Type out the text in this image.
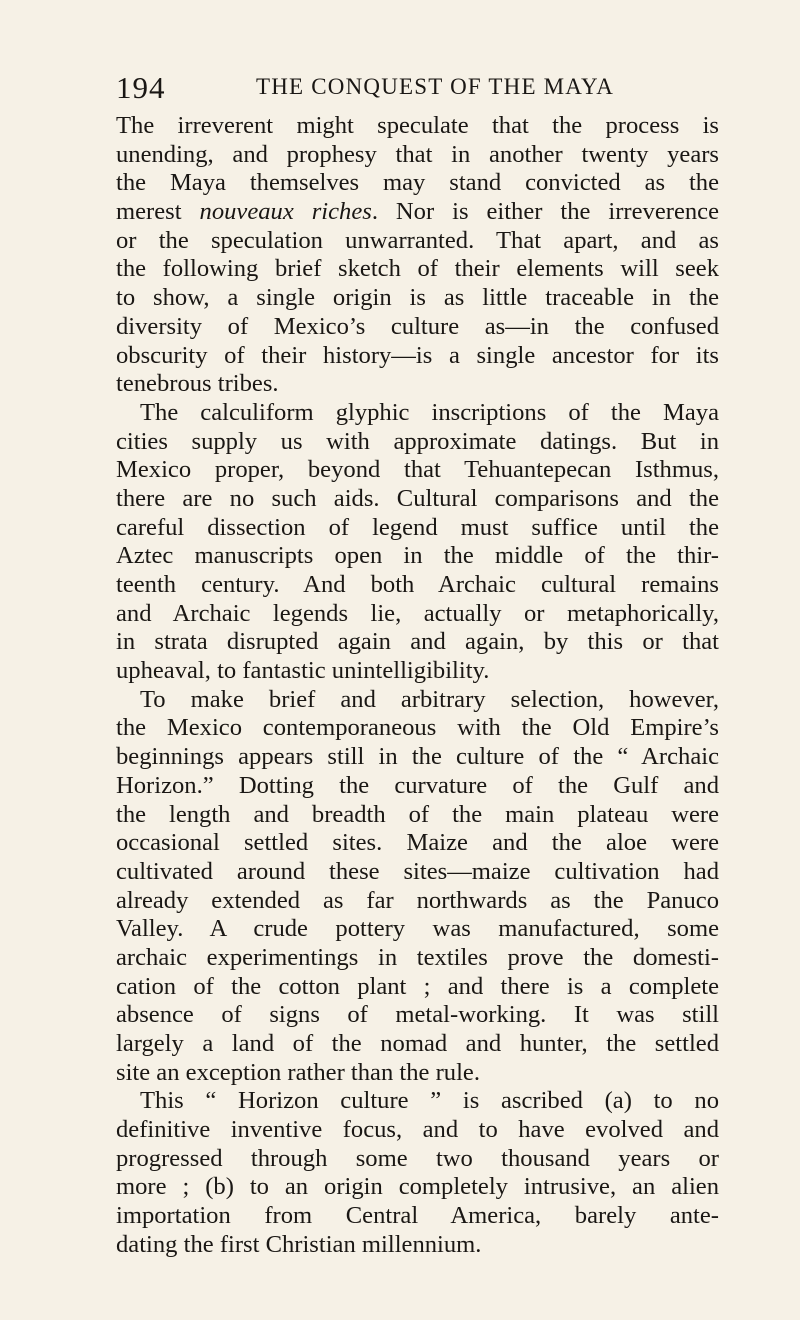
194	THE CONQUEST OF THE MAYA
The irreverent might speculate that the process is
unending, and prophesy that in another twenty years
the Maya themselves may stand convicted as the
merest nouveaux riches. Nor is either the irreverence
or the speculation unwarranted. That apart, and as
the following brief sketch of their elements will seek
to show, a single origin is as little traceable in the
diversity of Mexico’s culture as—in the confused
obscurity of their history—is a single ancestor for its
tenebrous tribes.
The calculiform glyphic inscriptions of the Maya
cities supply us with approximate datings. But in
Mexico proper, beyond that Tehuantepecan Isthmus,
there are no such aids. Cultural comparisons and the
careful dissection of legend must suffice until the
Aztec manuscripts open in the middle of the thir-
teenth century. And both Archaic cultural remains
and Archaic legends lie, actually or metaphorically,
in strata disrupted again and again, by this or that
upheaval, to fantastic unintelligibility.
To make brief and arbitrary selection, however,
the Mexico contemporaneous with the Old Empire’s
beginnings appears still in the culture of the “ Archaic
Horizon.” Dotting the curvature of the Gulf and
the length and breadth of the main plateau were
occasional settled sites. Maize and the aloe were
cultivated around these sites—maize cultivation had
already extended as far northwards as the Panuco
Valley. A crude pottery was manufactured, some
archaic experimentings in textiles prove the domesti-
cation of the cotton plant ; and there is a complete
absence of signs of metal-working. It was still
largely a land of the nomad and hunter, the settled
site an exception rather than the rule.
This “ Horizon culture ” is ascribed (a) to no
definitive inventive focus, and to have evolved and
progressed through some two thousand years or
more ; (b) to an origin completely intrusive, an alien
importation from Central America, barely ante-
dating the first Christian millennium.
